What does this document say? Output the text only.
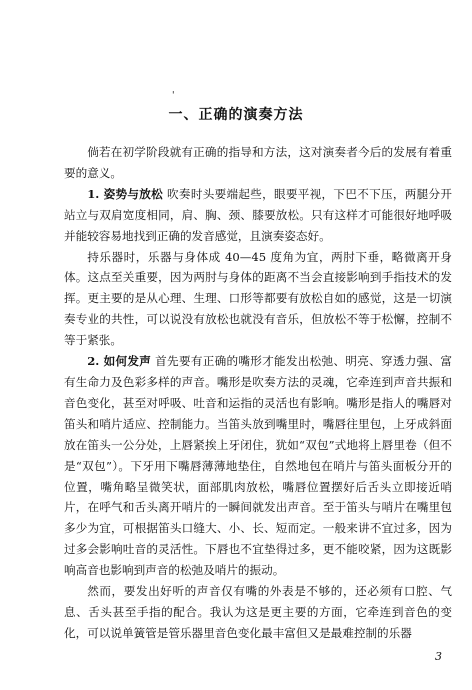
'
一、正确的演奏方法

倘若在初学阶段就有正确的指导和方法，这对演奏者今后的发展有着重要的意义。

1. 姿势与放松 吹奏时头要端起些，眼要平视，下巴不下压，两腿分开站立与双肩宽度相同，肩、胸、颈、膝要放松。只有这样才可能很好地呼吸并能较容易地找到正确的发音感觉，且演奏姿态好。

持乐器时，乐器与身体成 40—45 度角为宜，两肘下垂，略微离开身体。这点至关重要，因为两肘与身体的距离不当会直接影响到手指技术的发挥。更主要的是从心理、生理、口形等都要有放松自如的感觉，这是一切演奏专业的共性，可以说没有放松也就没有音乐，但放松不等于松懈，控制不等于紧张。

2. 如何发声 首先要有正确的嘴形才能发出松弛、明亮、穿透力强、富有生命力及色彩多样的声音。嘴形是吹奏方法的灵魂，它牵连到声音共振和音色变化，甚至对呼吸、吐音和运指的灵活也有影响。嘴形是指人的嘴唇对笛头和哨片适应、控制能力。当笛头放到嘴里时，嘴唇往里包，上牙成斜面放在笛头一公分处，上唇紧挨上牙闭住，犹如“双包”式地将上唇里卷（但不是“双包”）。下牙用下嘴唇薄薄地垫住，自然地包在哨片与笛头面板分开的位置，嘴角略呈微笑状，面部肌肉放松，嘴唇位置摆好后舌头立即接近哨片，在呼气和舌头离开哨片的一瞬间就发出声音。至于笛头与哨片在嘴里包多少为宜，可根据笛头口缝大、小、长、短而定。一般来讲不宜过多，因为过多会影响吐音的灵活性。下唇也不宜垫得过多，更不能咬紧，因为这既影响高音也影响到声音的松弛及哨片的振动。

然而，要发出好听的声音仅有嘴的外表是不够的，还必须有口腔、气息、舌头甚至手指的配合。我认为这是更主要的方面，它牵连到音色的变化，可以说单簧管是管乐器里音色变化最丰富但又是最难控制的乐器

3
